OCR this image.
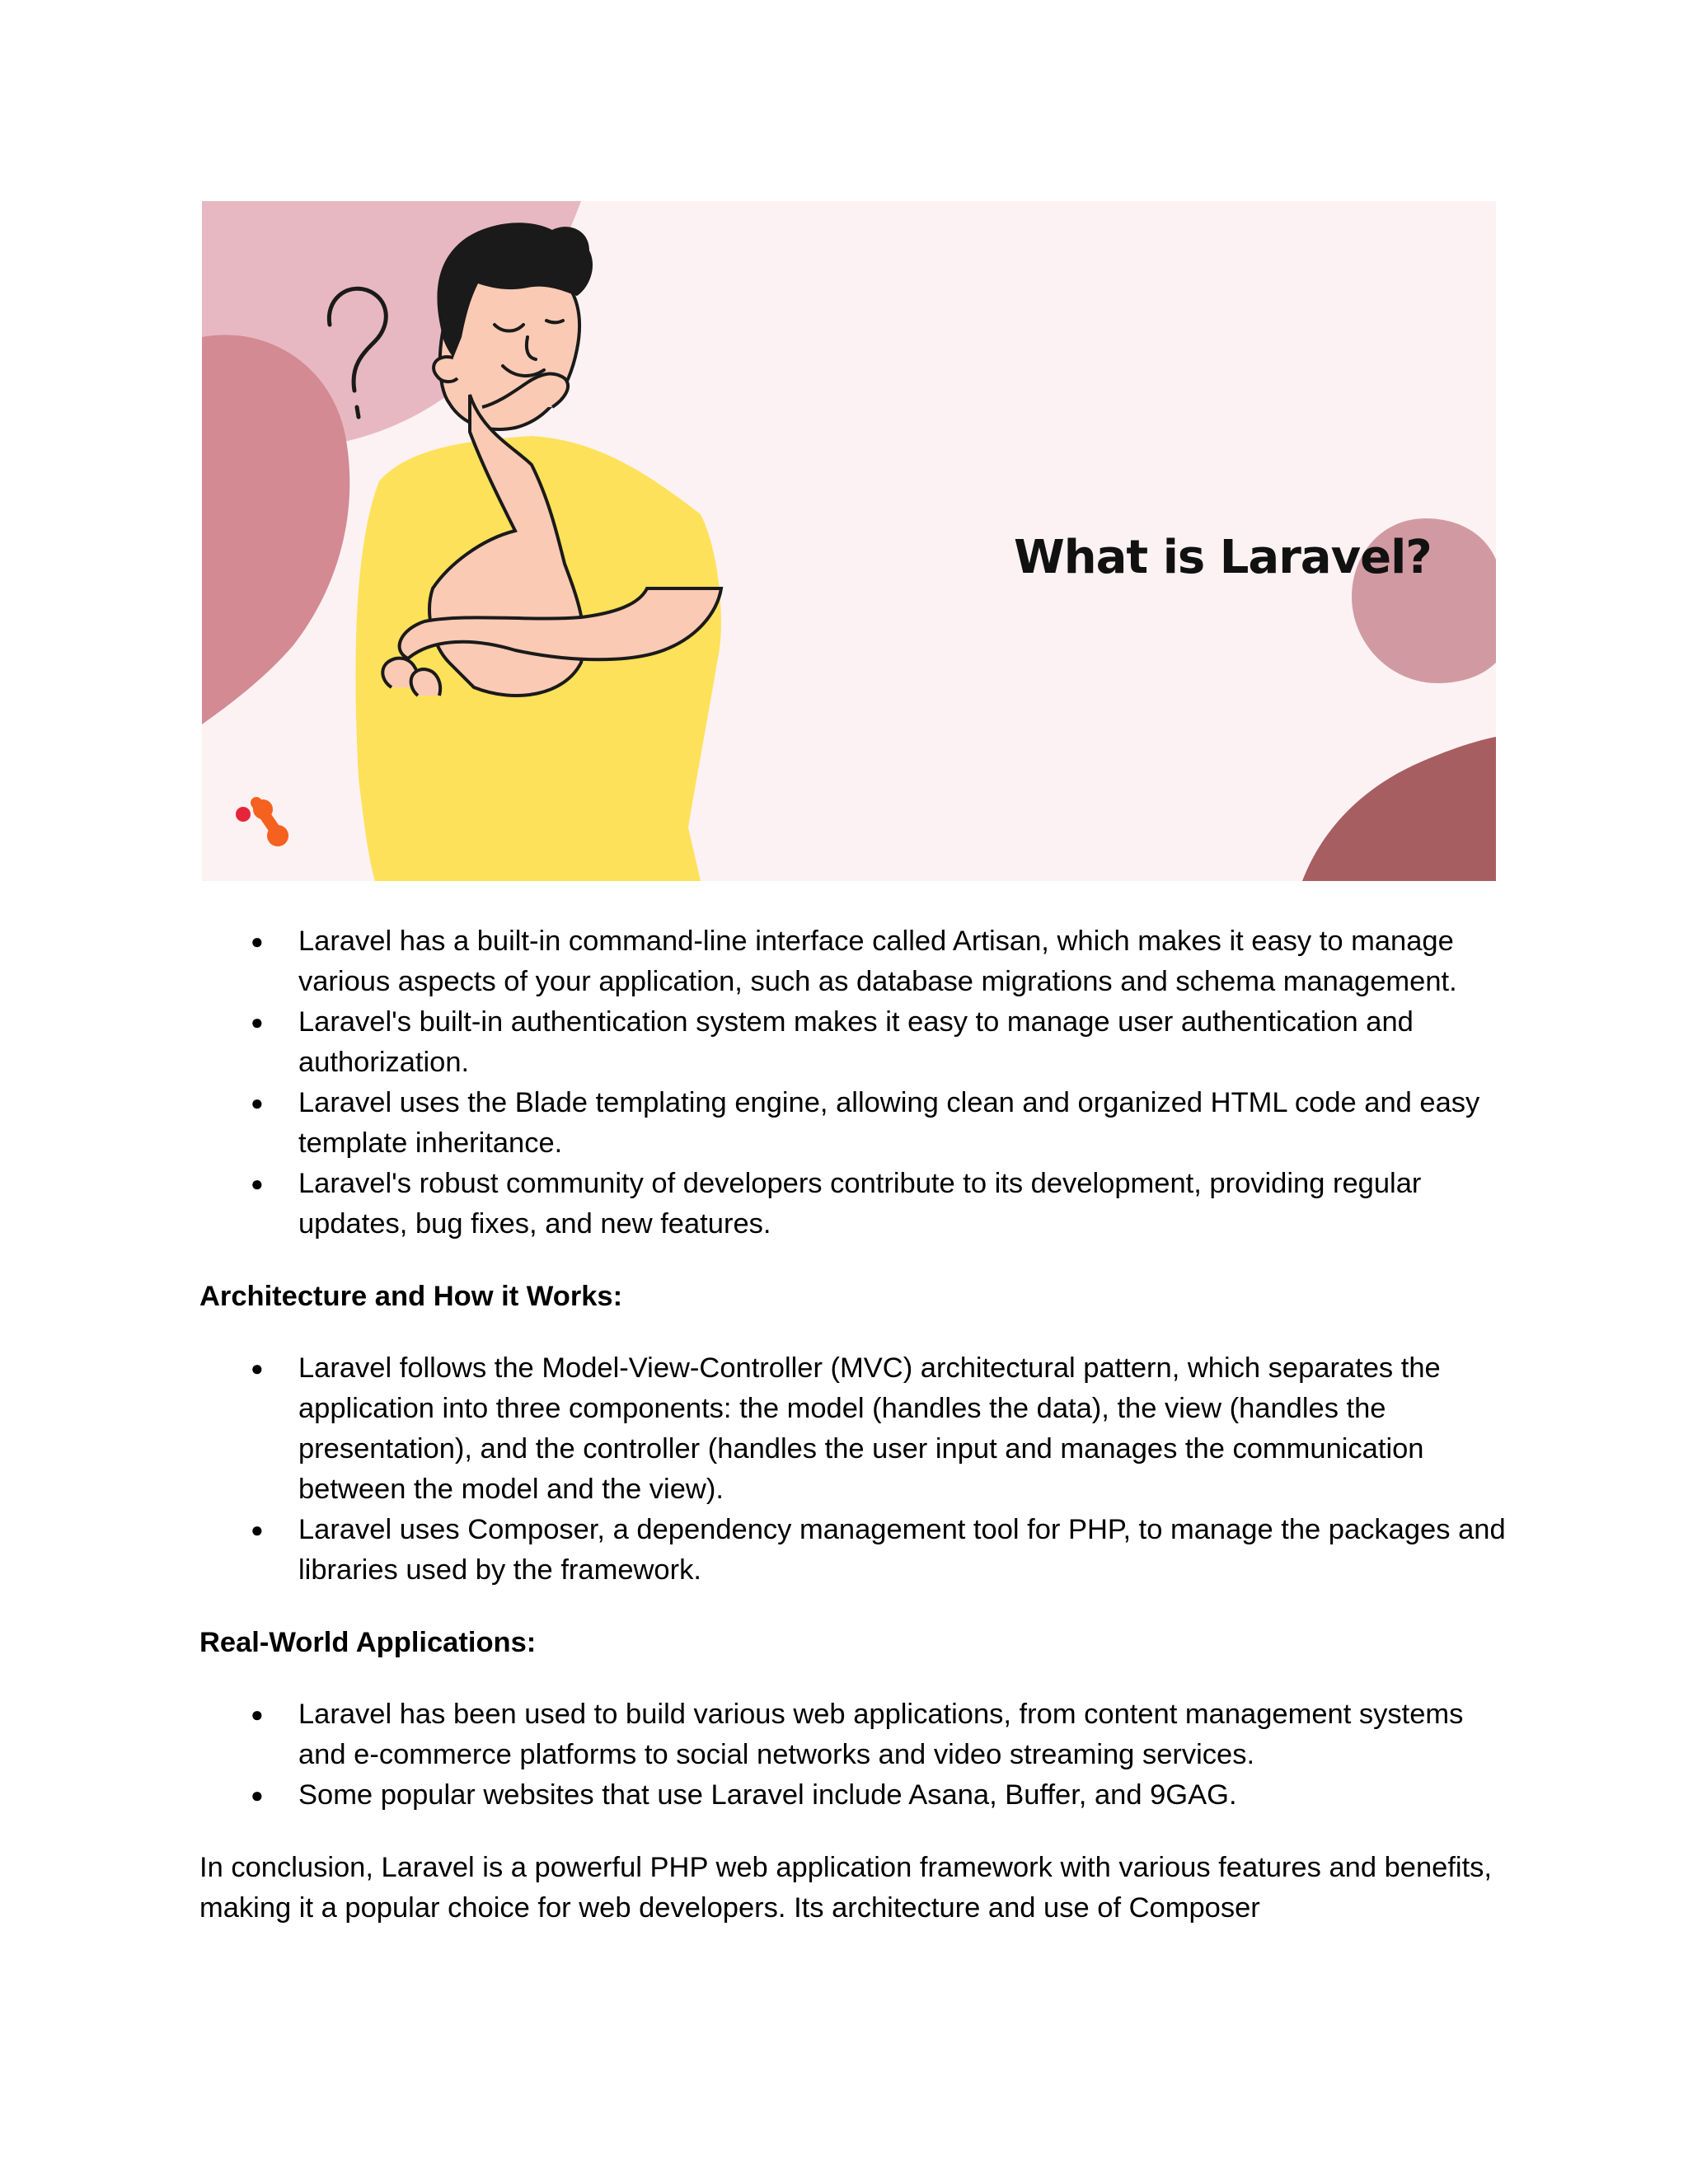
What is Laravel?
● Laravel has a built-in command-line interface called Artisan, which makes it easy to manage various aspects of your application, such as database migrations and schema management.
● Laravel's built-in authentication system makes it easy to manage user authentication and authorization.
● Laravel uses the Blade templating engine, allowing clean and organized HTML code and easy template inheritance.
● Laravel's robust community of developers contribute to its development, providing regular updates, bug fixes, and new features.
Architecture and How it Works:
● Laravel follows the Model-View-Controller (MVC) architectural pattern, which separates the application into three components: the model (handles the data), the view (handles the presentation), and the controller (handles the user input and manages the communication between the model and the view).
● Laravel uses Composer, a dependency management tool for PHP, to manage the packages and libraries used by the framework.
Real-World Applications:
● Laravel has been used to build various web applications, from content management systems and e-commerce platforms to social networks and video streaming services.
● Some popular websites that use Laravel include Asana, Buffer, and 9GAG.
In conclusion, Laravel is a powerful PHP web application framework with various features and benefits, making it a popular choice for web developers. Its architecture and use of Composer
